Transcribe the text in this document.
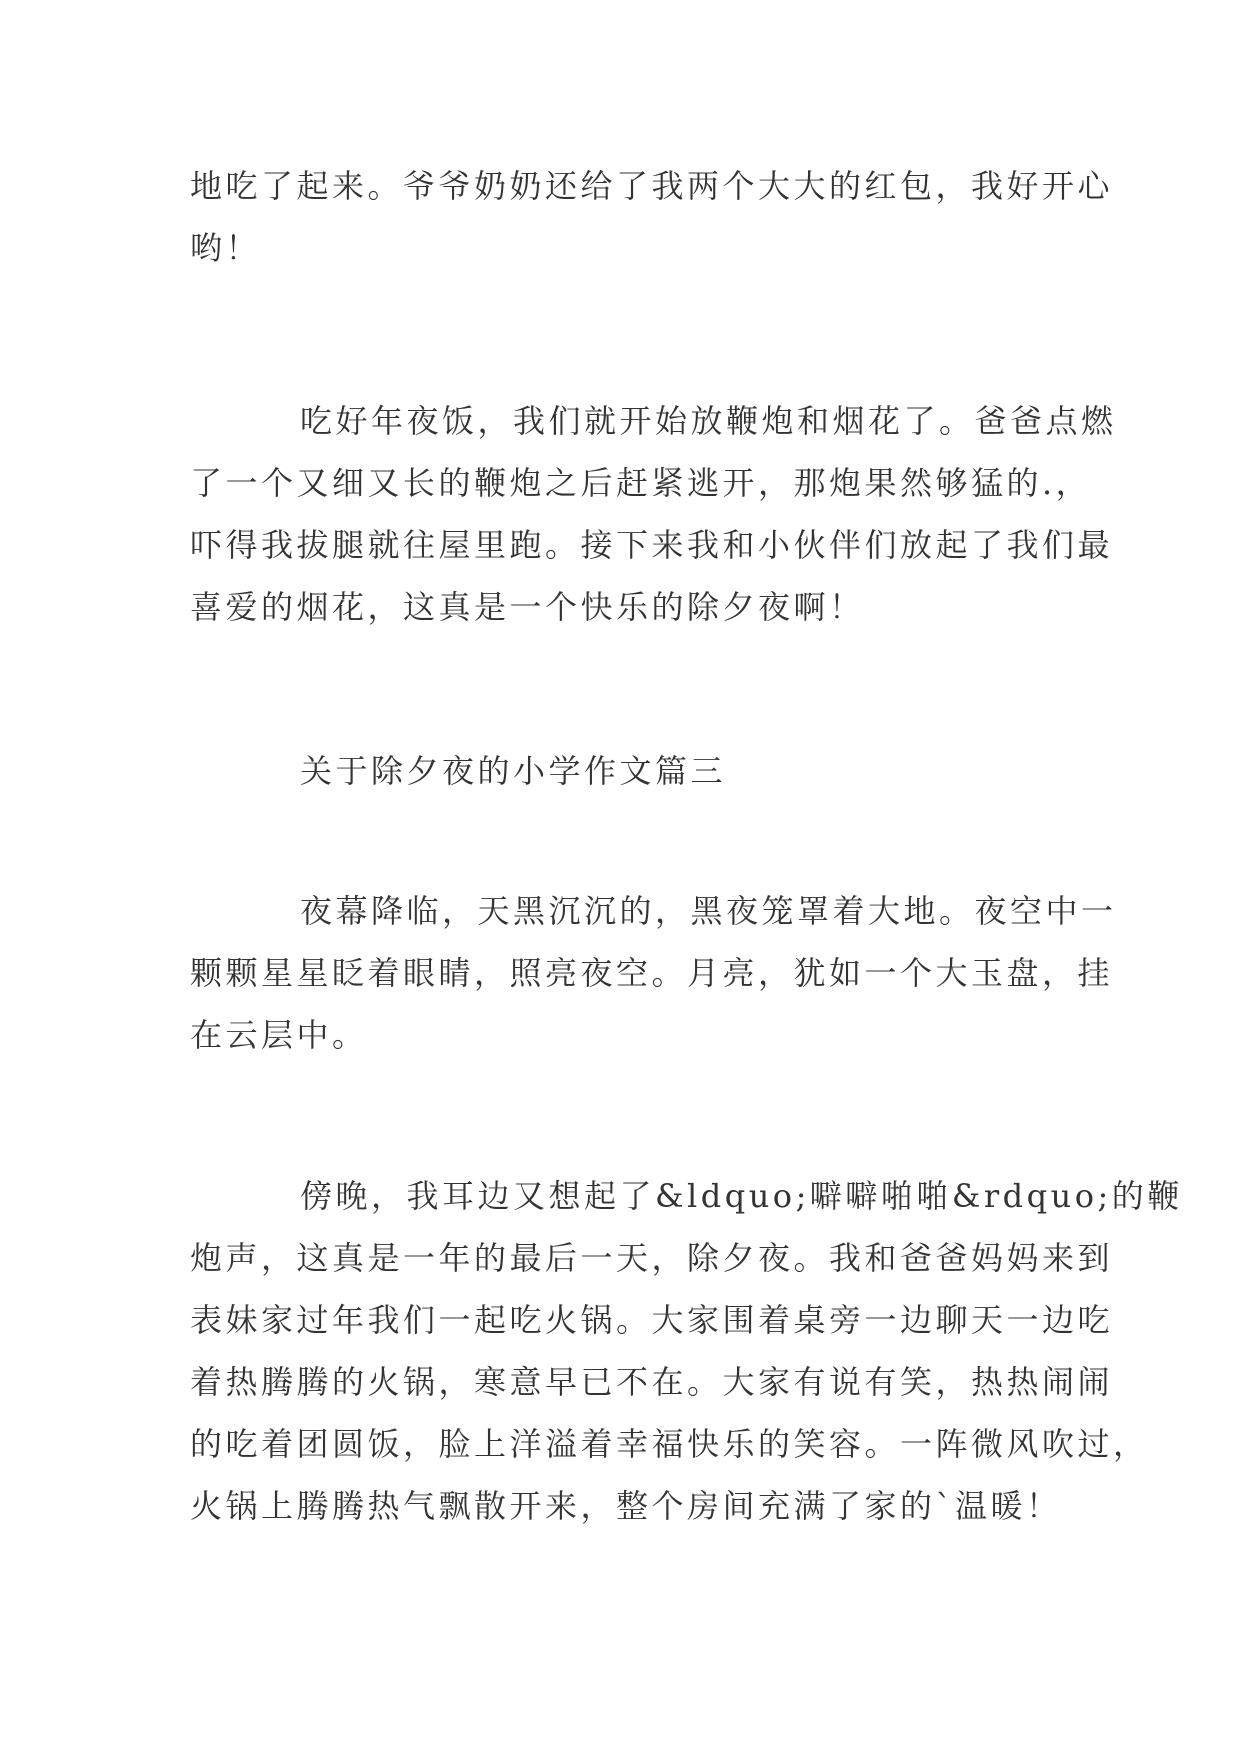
地吃了起来。爷爷奶奶还给了我两个大大的红包，我好开心
哟！
吃好年夜饭，我们就开始放鞭炮和烟花了。爸爸点燃
了一个又细又长的鞭炮之后赶紧逃开，那炮果然够猛的.，
吓得我拔腿就往屋里跑。接下来我和小伙伴们放起了我们最
喜爱的烟花，这真是一个快乐的除夕夜啊！
关于除夕夜的小学作文篇三
夜幕降临，天黑沉沉的，黑夜笼罩着大地。夜空中一
颗颗星星眨着眼睛，照亮夜空。月亮，犹如一个大玉盘，挂
在云层中。
傍晚，我耳边又想起了&ldquo;噼噼啪啪&rdquo;的鞭
炮声，这真是一年的最后一天，除夕夜。我和爸爸妈妈来到
表妹家过年我们一起吃火锅。大家围着桌旁一边聊天一边吃
着热腾腾的火锅，寒意早已不在。大家有说有笑，热热闹闹
的吃着团圆饭，脸上洋溢着幸福快乐的笑容。一阵微风吹过，
火锅上腾腾热气飘散开来，整个房间充满了家的`温暖！
